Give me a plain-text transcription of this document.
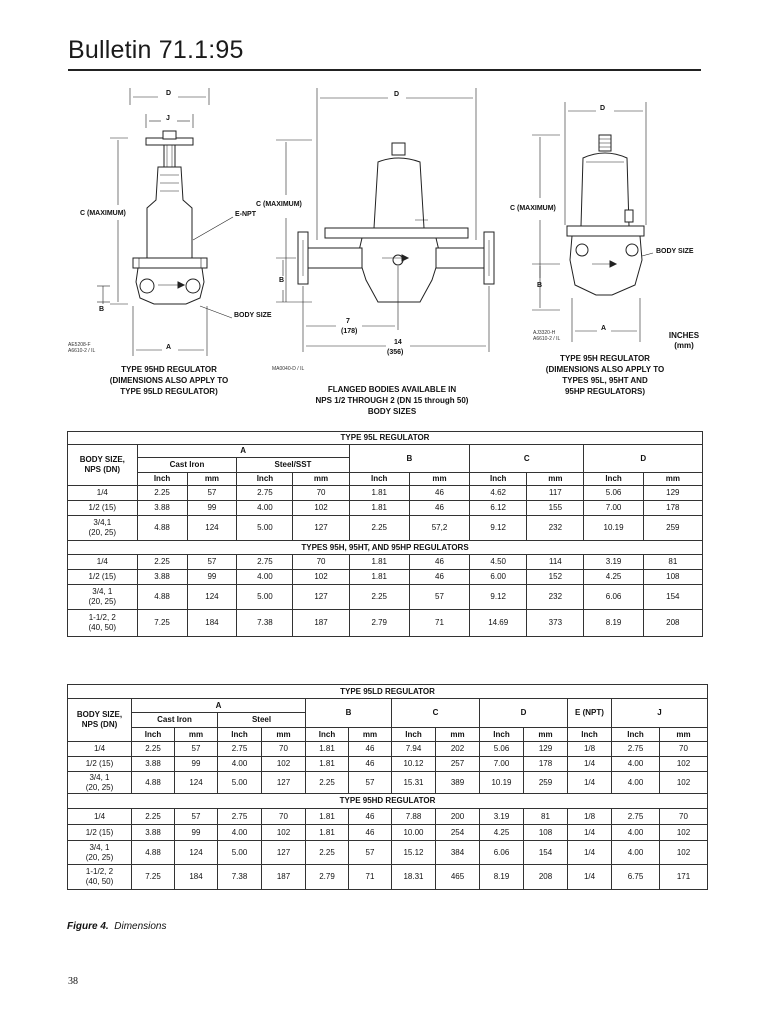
Bulletin 71.1:95
D
J
C (MAXIMUM)	E-NPT
B
BODY SIZE
A
AE5208-F
A6610-2 / IL
TYPE 95HD REGULATOR
(DIMENSIONS ALSO APPLY TO
TYPE 95LD REGULATOR)
D
C (MAXIMUM)
B
7
(178)
14
(356)
MA0040-D / IL
FLANGED BODIES AVAILABLE IN
NPS 1/2 THROUGH 2 (DN 15 through 50)
BODY SIZES
D
C (MAXIMUM)
BODY SIZE
B
A
AJ3320-H
A6610-2 / IL	INCHES
(mm)
TYPE 95H REGULATOR
(DIMENSIONS ALSO APPLY TO
TYPES 95L, 95HT AND
95HP REGULATORS)
TYPE 95L REGULATOR										
BODY SIZE,
NPS (DN)	A				B		C		D	
	Cast Iron		Steel/SST							
	Inch	mm	Inch	mm	Inch	mm	Inch	mm	Inch	mm
1/4	2.25	57	2.75	70	1.81	46	4.62	117	5.06	129
1/2 (15)	3.88	99	4.00	102	1.81	46	6.12	155	7.00	178
3/4,1
(20, 25)	4.88	124	5.00	127	2.25	57,2	9.12	232	10.19	259
TYPES 95H, 95HT, AND 95HP REGULATORS										
1/4	2.25	57	2.75	70	1.81	46	4.50	114	3.19	81
1/2 (15)	3.88	99	4.00	102	1.81	46	6.00	152	4.25	108
3/4, 1
(20, 25)	4.88	124	5.00	127	2.25	57	9.12	232	6.06	154
1-1/2, 2
(40, 50)	7.25	184	7.38	187	2.79	71	14.69	373	8.19	208
TYPE 95LD REGULATOR													
BODY SIZE,
NPS (DN)	A				B		C		D		E (NPT)	J	
	Cast Iron		Steel										
	Inch	mm	Inch	mm	Inch	mm	Inch	mm	Inch	mm	Inch	Inch	mm
1/4	2.25	57	2.75	70	1.81	46	7.94	202	5.06	129	1/8	2.75	70
1/2 (15)	3.88	99	4.00	102	1.81	46	10.12	257	7.00	178	1/4	4.00	102
3/4, 1
(20, 25)	4.88	124	5.00	127	2.25	57	15.31	389	10.19	259	1/4	4.00	102
TYPE 95HD REGULATOR													
1/4	2.25	57	2.75	70	1.81	46	7.88	200	3.19	81	1/8	2.75	70
1/2 (15)	3.88	99	4.00	102	1.81	46	10.00	254	4.25	108	1/4	4.00	102
3/4, 1
(20, 25)	4.88	124	5.00	127	2.25	57	15.12	384	6.06	154	1/4	4.00	102
1-1/2, 2
(40, 50)	7.25	184	7.38	187	2.79	71	18.31	465	8.19	208	1/4	6.75	171

Figure 4. Dimensions

38
